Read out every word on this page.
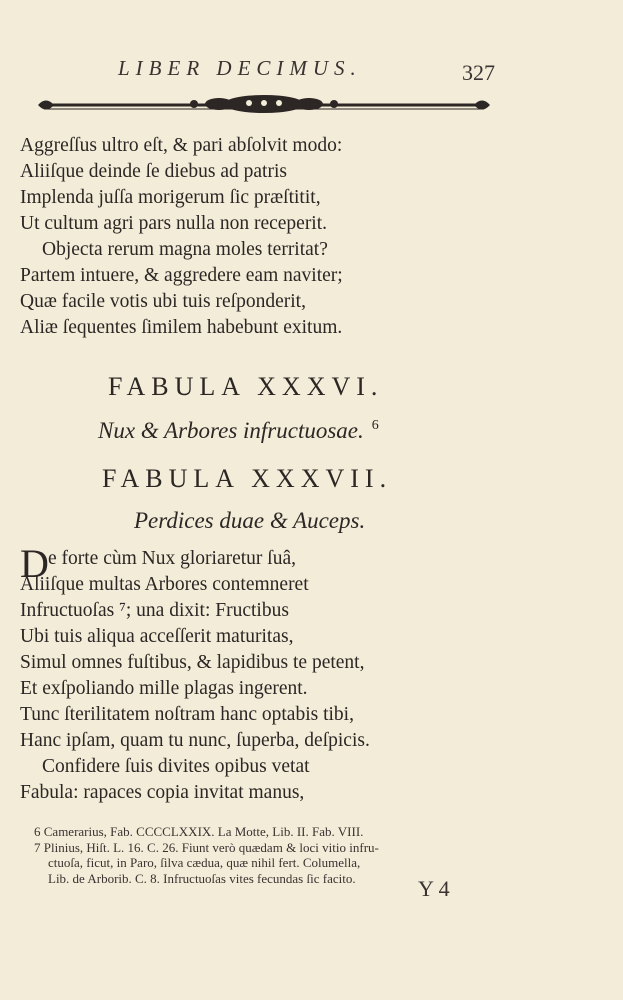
LIBER DECIMUS.	327
Aggreſſus ultro eſt, & pari abſolvit modo:
Aliiſque deinde ſe diebus ad patris
Implenda juſſa morigerum ſic præſtitit,
Ut cultum agri pars nulla non receperit.
Objecta rerum magna moles territat?
Partem intuere, & aggredere eam naviter;
Quæ facile votis ubi tuis reſponderit,
Aliæ ſequentes ſimilem habebunt exitum.
FABULA XXXVI.
Nux & Arbores infructuosae. $^6$
FABULA XXXVII.
Perdices duae & Auceps.
D e forte cùm Nux gloriaretur ſuâ,
Aliiſque multas Arbores contemneret
Infructuoſas ⁷; una dixit: Fructibus
Ubi tuis aliqua acceſſerit maturitas,
Simul omnes fuſtibus, & lapidibus te petent,
Et exſpoliando mille plagas ingerent.
Tunc ſterilitatem noſtram hanc optabis tibi,
Hanc ipſam, quam tu nunc, ſuperba, deſpicis.
Confidere ſuis divites opibus vetat
Fabula: rapaces copia invitat manus,
6 Camerarius, Fab. CCCCLXXIX. La Motte, Lib. II. Fab. VIII.
7 Plinius, Hiſt. L. 16. C. 26. Fiunt verò quædam & loci vitio infru-
ctuoſa, ficut, in Paro, ſilva cædua, quæ nihil fert. Columella,
Lib. de Arborib. C. 8. Infructuoſas vites fecundas ſic facito.	Y 4
